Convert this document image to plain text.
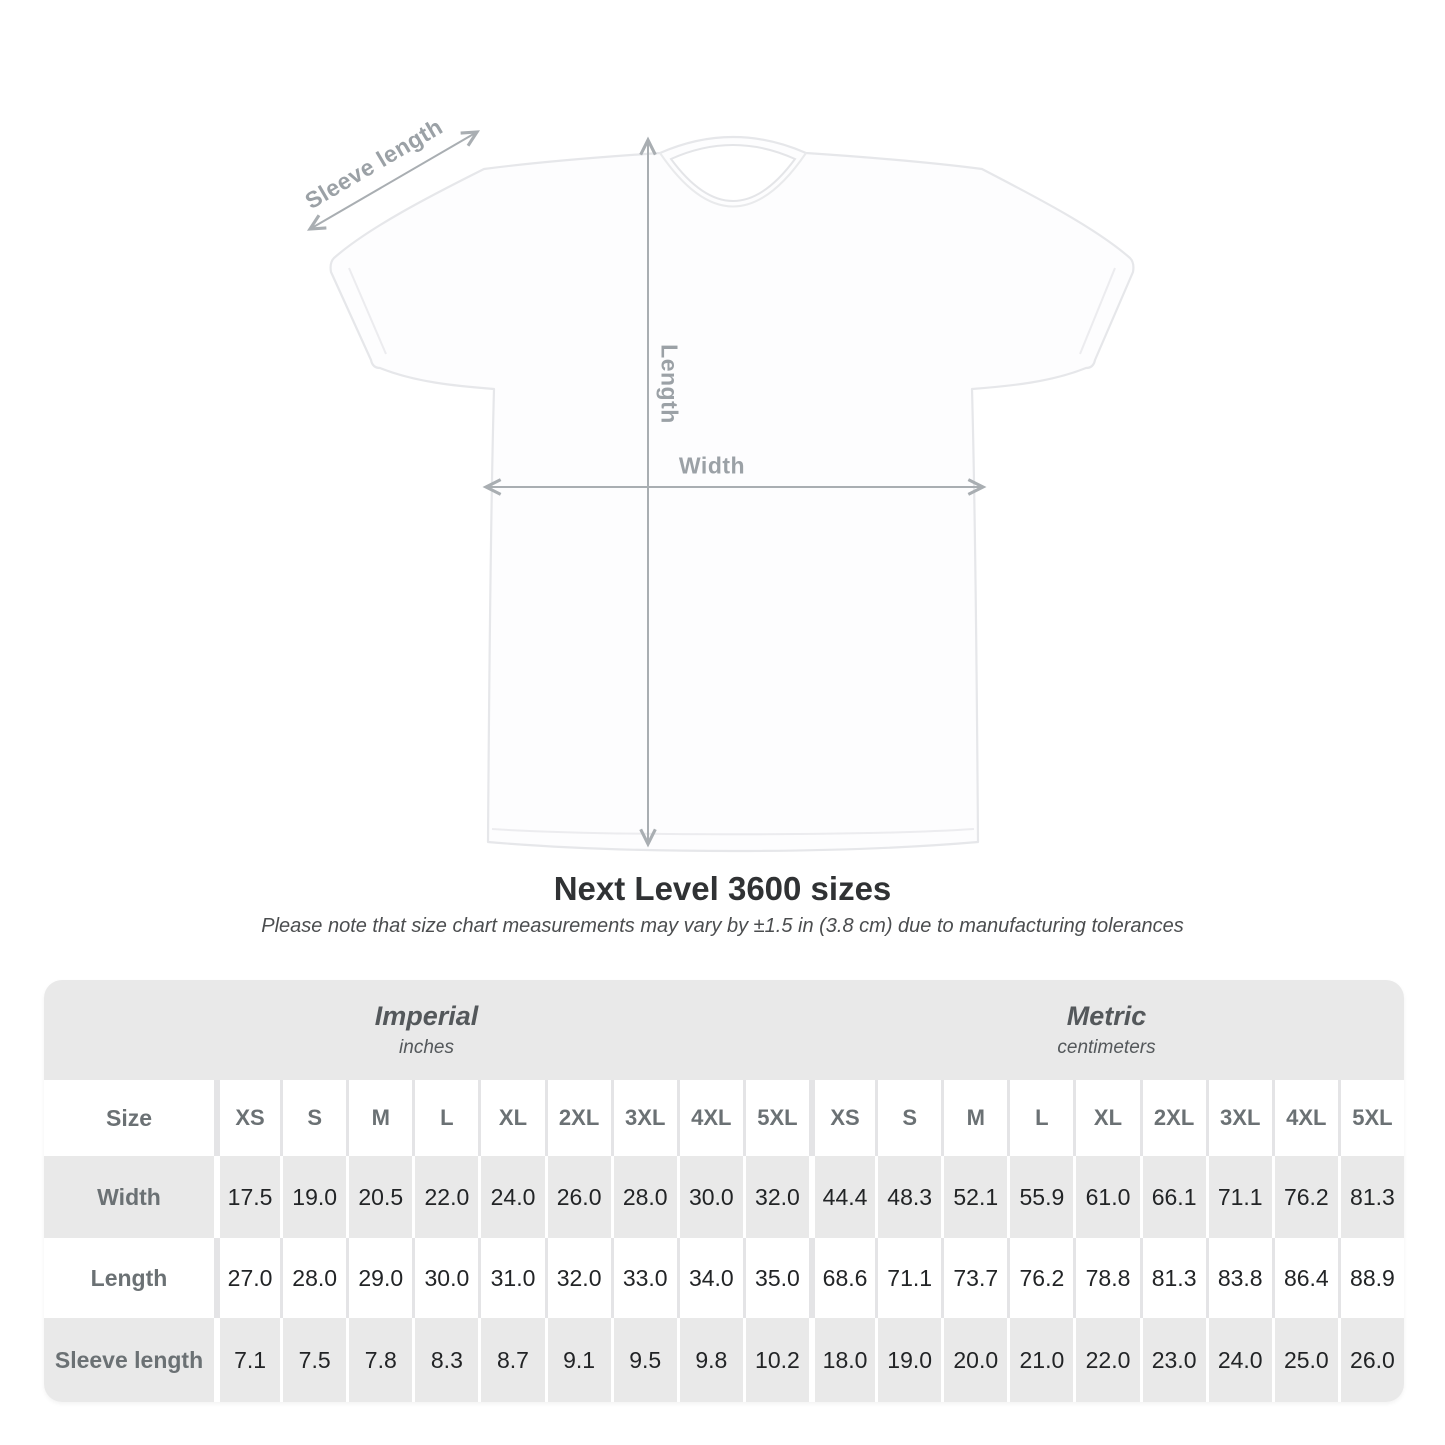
Sleeve length
Length
Width
Next Level 3600 sizes
Please note that size chart measurements may vary by ±1.5 in (3.8 cm) due to manufacturing tolerances
Imperial
inches
Metric
centimeters
Size	XS	S	M	L	XL	2XL	3XL	4XL	5XL	XS	S	M	L	XL	2XL	3XL	4XL	5XL
Width	17.5 19.0 20.5 22.0 24.0 26.0 28.0 30.0 32.0 44.4 48.3 52.1 55.9 61.0 66.1 71.1 76.2 81.3
Length	27.0 28.0 29.0 30.0 31.0 32.0 33.0 34.0 35.0 68.6 71.1 73.7 76.2 78.8 81.3 83.8 86.4 88.9
Sleeve length	7.1	7.5	7.8	8.3	8.7	9.1	9.5	9.8	10.2 18.0 19.0 20.0 21.0 22.0 23.0 24.0 25.0 26.0
